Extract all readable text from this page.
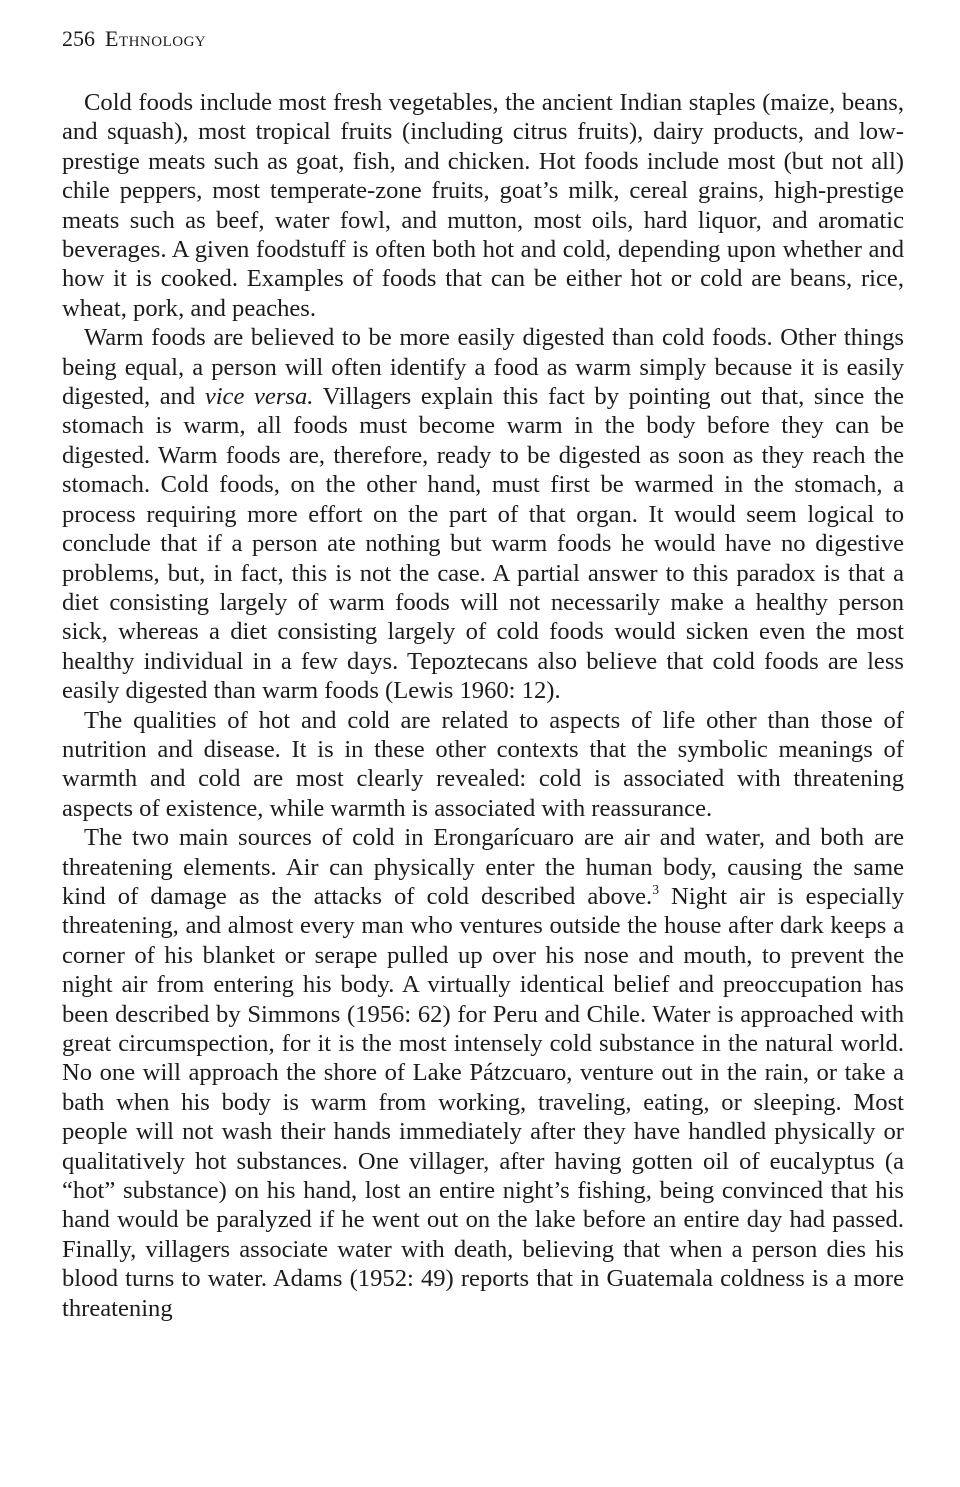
256 Ethnology

Cold foods include most fresh vegetables, the ancient Indian staples (maize, beans, and squash), most tropical fruits (including citrus fruits), dairy products, and low-prestige meats such as goat, fish, and chicken. Hot foods include most (but not all) chile peppers, most temperate-zone fruits, goat’s milk, cereal grains, high-prestige meats such as beef, water fowl, and mutton, most oils, hard liquor, and aromatic beverages. A given foodstuff is often both hot and cold, depending upon whether and how it is cooked. Examples of foods that can be either hot or cold are beans, rice, wheat, pork, and peaches.

Warm foods are believed to be more easily digested than cold foods. Other things being equal, a person will often identify a food as warm simply because it is easily digested, and vice versa. Villagers explain this fact by pointing out that, since the stomach is warm, all foods must become warm in the body before they can be digested. Warm foods are, therefore, ready to be digested as soon as they reach the stomach. Cold foods, on the other hand, must first be warmed in the stomach, a process requiring more effort on the part of that organ. It would seem logical to conclude that if a person ate nothing but warm foods he would have no digestive problems, but, in fact, this is not the case. A partial answer to this paradox is that a diet consisting largely of warm foods will not necessarily make a healthy person sick, whereas a diet consisting largely of cold foods would sicken even the most healthy individual in a few days. Tepoztecans also believe that cold foods are less easily digested than warm foods (Lewis 1960: 12).

The qualities of hot and cold are related to aspects of life other than those of nutrition and disease. It is in these other contexts that the symbolic meanings of warmth and cold are most clearly revealed: cold is associated with threatening aspects of existence, while warmth is associated with reassurance.

The two main sources of cold in Erongarícuaro are air and water, and both are threatening elements. Air can physically enter the human body, causing the same kind of damage as the attacks of cold described above.$^3$ Night air is especially threatening, and almost every man who ventures outside the house after dark keeps a corner of his blanket or serape pulled up over his nose and mouth, to prevent the night air from entering his body. A virtually identical belief and preoccupation has been described by Simmons (1956: 62) for Peru and Chile. Water is approached with great circumspection, for it is the most intensely cold substance in the natural world. No one will approach the shore of Lake Pátzcuaro, venture out in the rain, or take a bath when his body is warm from working, traveling, eating, or sleeping. Most people will not wash their hands immediately after they have handled physically or qualitatively hot substances. One villager, after having gotten oil of eucalyptus (a “hot” substance) on his hand, lost an entire night’s fishing, being convinced that his hand would be paralyzed if he went out on the lake before an entire day had passed. Finally, villagers associate water with death, believing that when a person dies his blood turns to water. Adams (1952: 49) reports that in Guatemala coldness is a more threatening
